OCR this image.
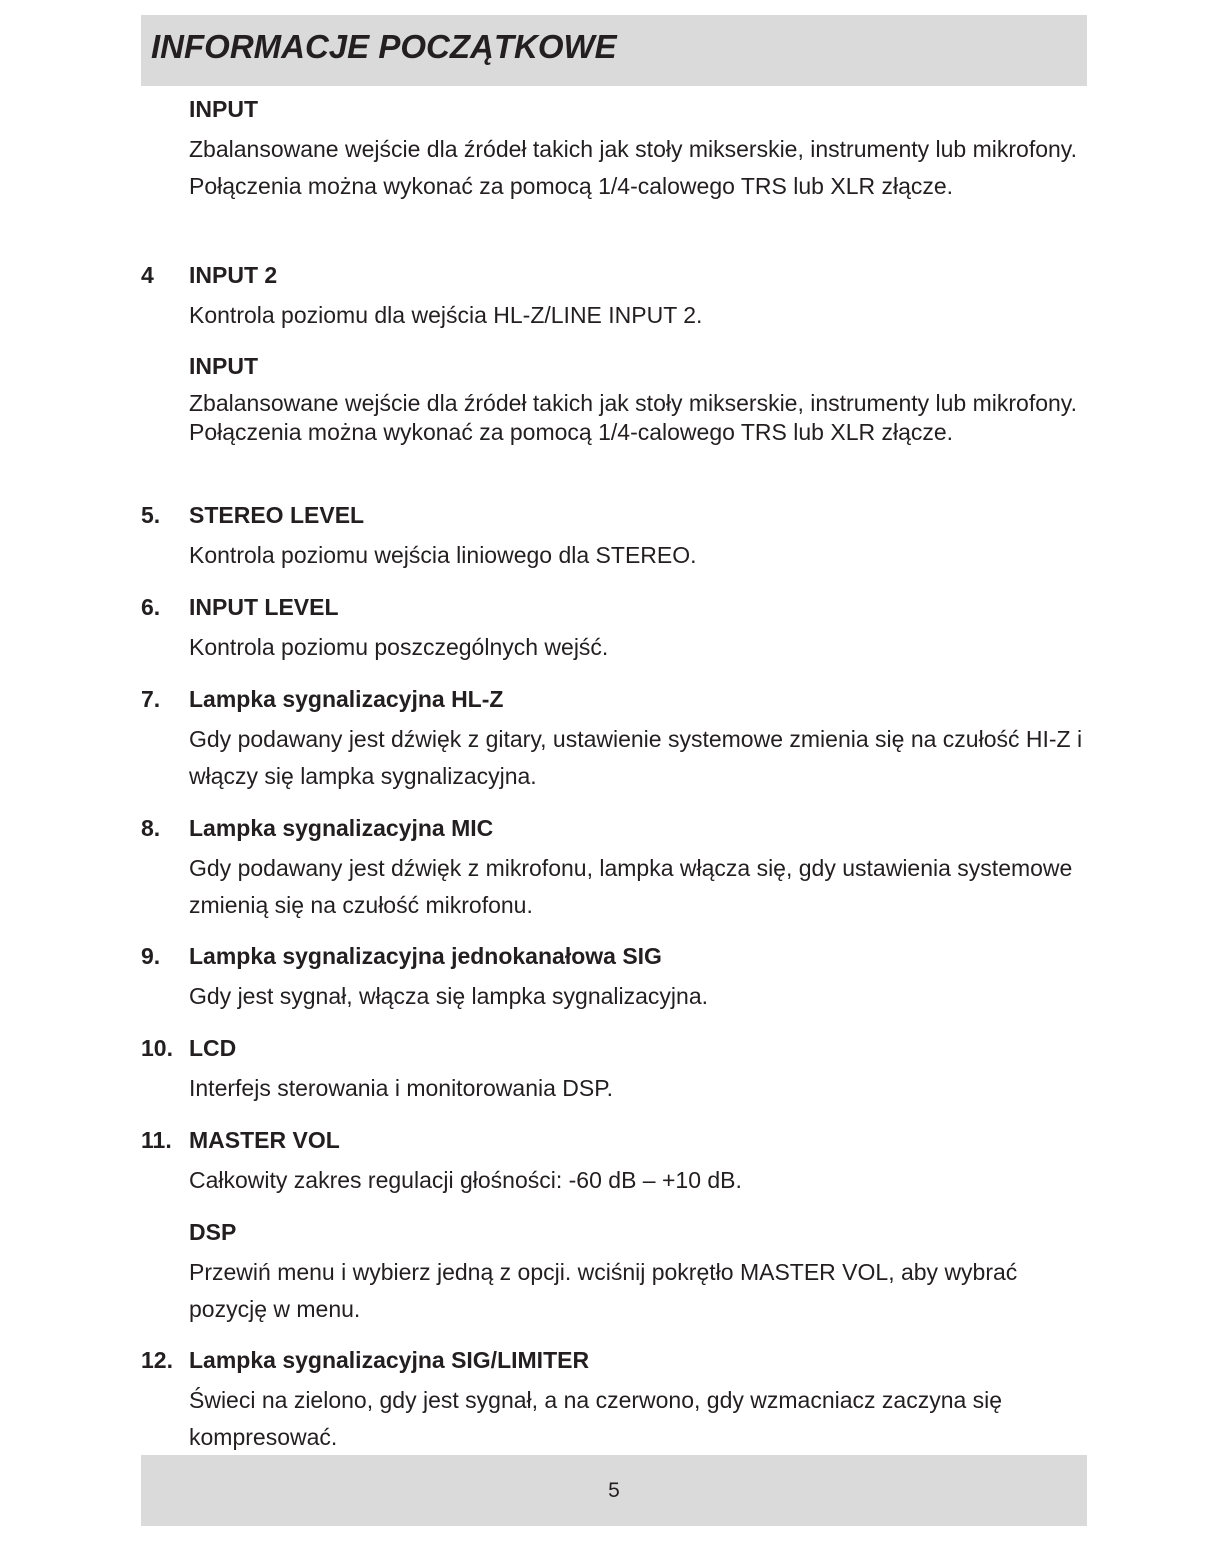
INFORMACJE POCZĄTKOWE
INPUT
Zbalansowane wejście dla źródeł takich jak stoły mikserskie, instrumenty lub mikrofony. Połączenia można wykonać za pomocą 1/4-calowego TRS lub XLR złącze.
4 INPUT 2
Kontrola poziomu dla wejścia HL-Z/LINE INPUT 2.
INPUT
Zbalansowane wejście dla źródeł takich jak stoły mikserskie, instrumenty lub mikrofony. Połączenia można wykonać za pomocą 1/4-calowego TRS lub XLR złącze.
5. STEREO LEVEL
Kontrola poziomu wejścia liniowego dla STEREO.
6. INPUT LEVEL
Kontrola poziomu poszczególnych wejść.
7. Lampka sygnalizacyjna HL-Z
Gdy podawany jest dźwięk z gitary, ustawienie systemowe zmienia się na czułość HI-Z i włączy się lampka sygnalizacyjna.
8. Lampka sygnalizacyjna MIC
Gdy podawany jest dźwięk z mikrofonu, lampka włącza się, gdy ustawienia systemowe zmienią się na czułość mikrofonu.
9. Lampka sygnalizacyjna jednokanałowa SIG
Gdy jest sygnał, włącza się lampka sygnalizacyjna.
10. LCD
Interfejs sterowania i monitorowania DSP.
11. MASTER VOL
Całkowity zakres regulacji głośności: -60 dB – +10 dB.
DSP
Przewiń menu i wybierz jedną z opcji. wciśnij pokrętło MASTER VOL, aby wybrać pozycję w menu.
12. Lampka sygnalizacyjna SIG/LIMITER
Świeci na zielono, gdy jest sygnał, a na czerwono, gdy wzmacniacz zaczyna się kompresować.
5
